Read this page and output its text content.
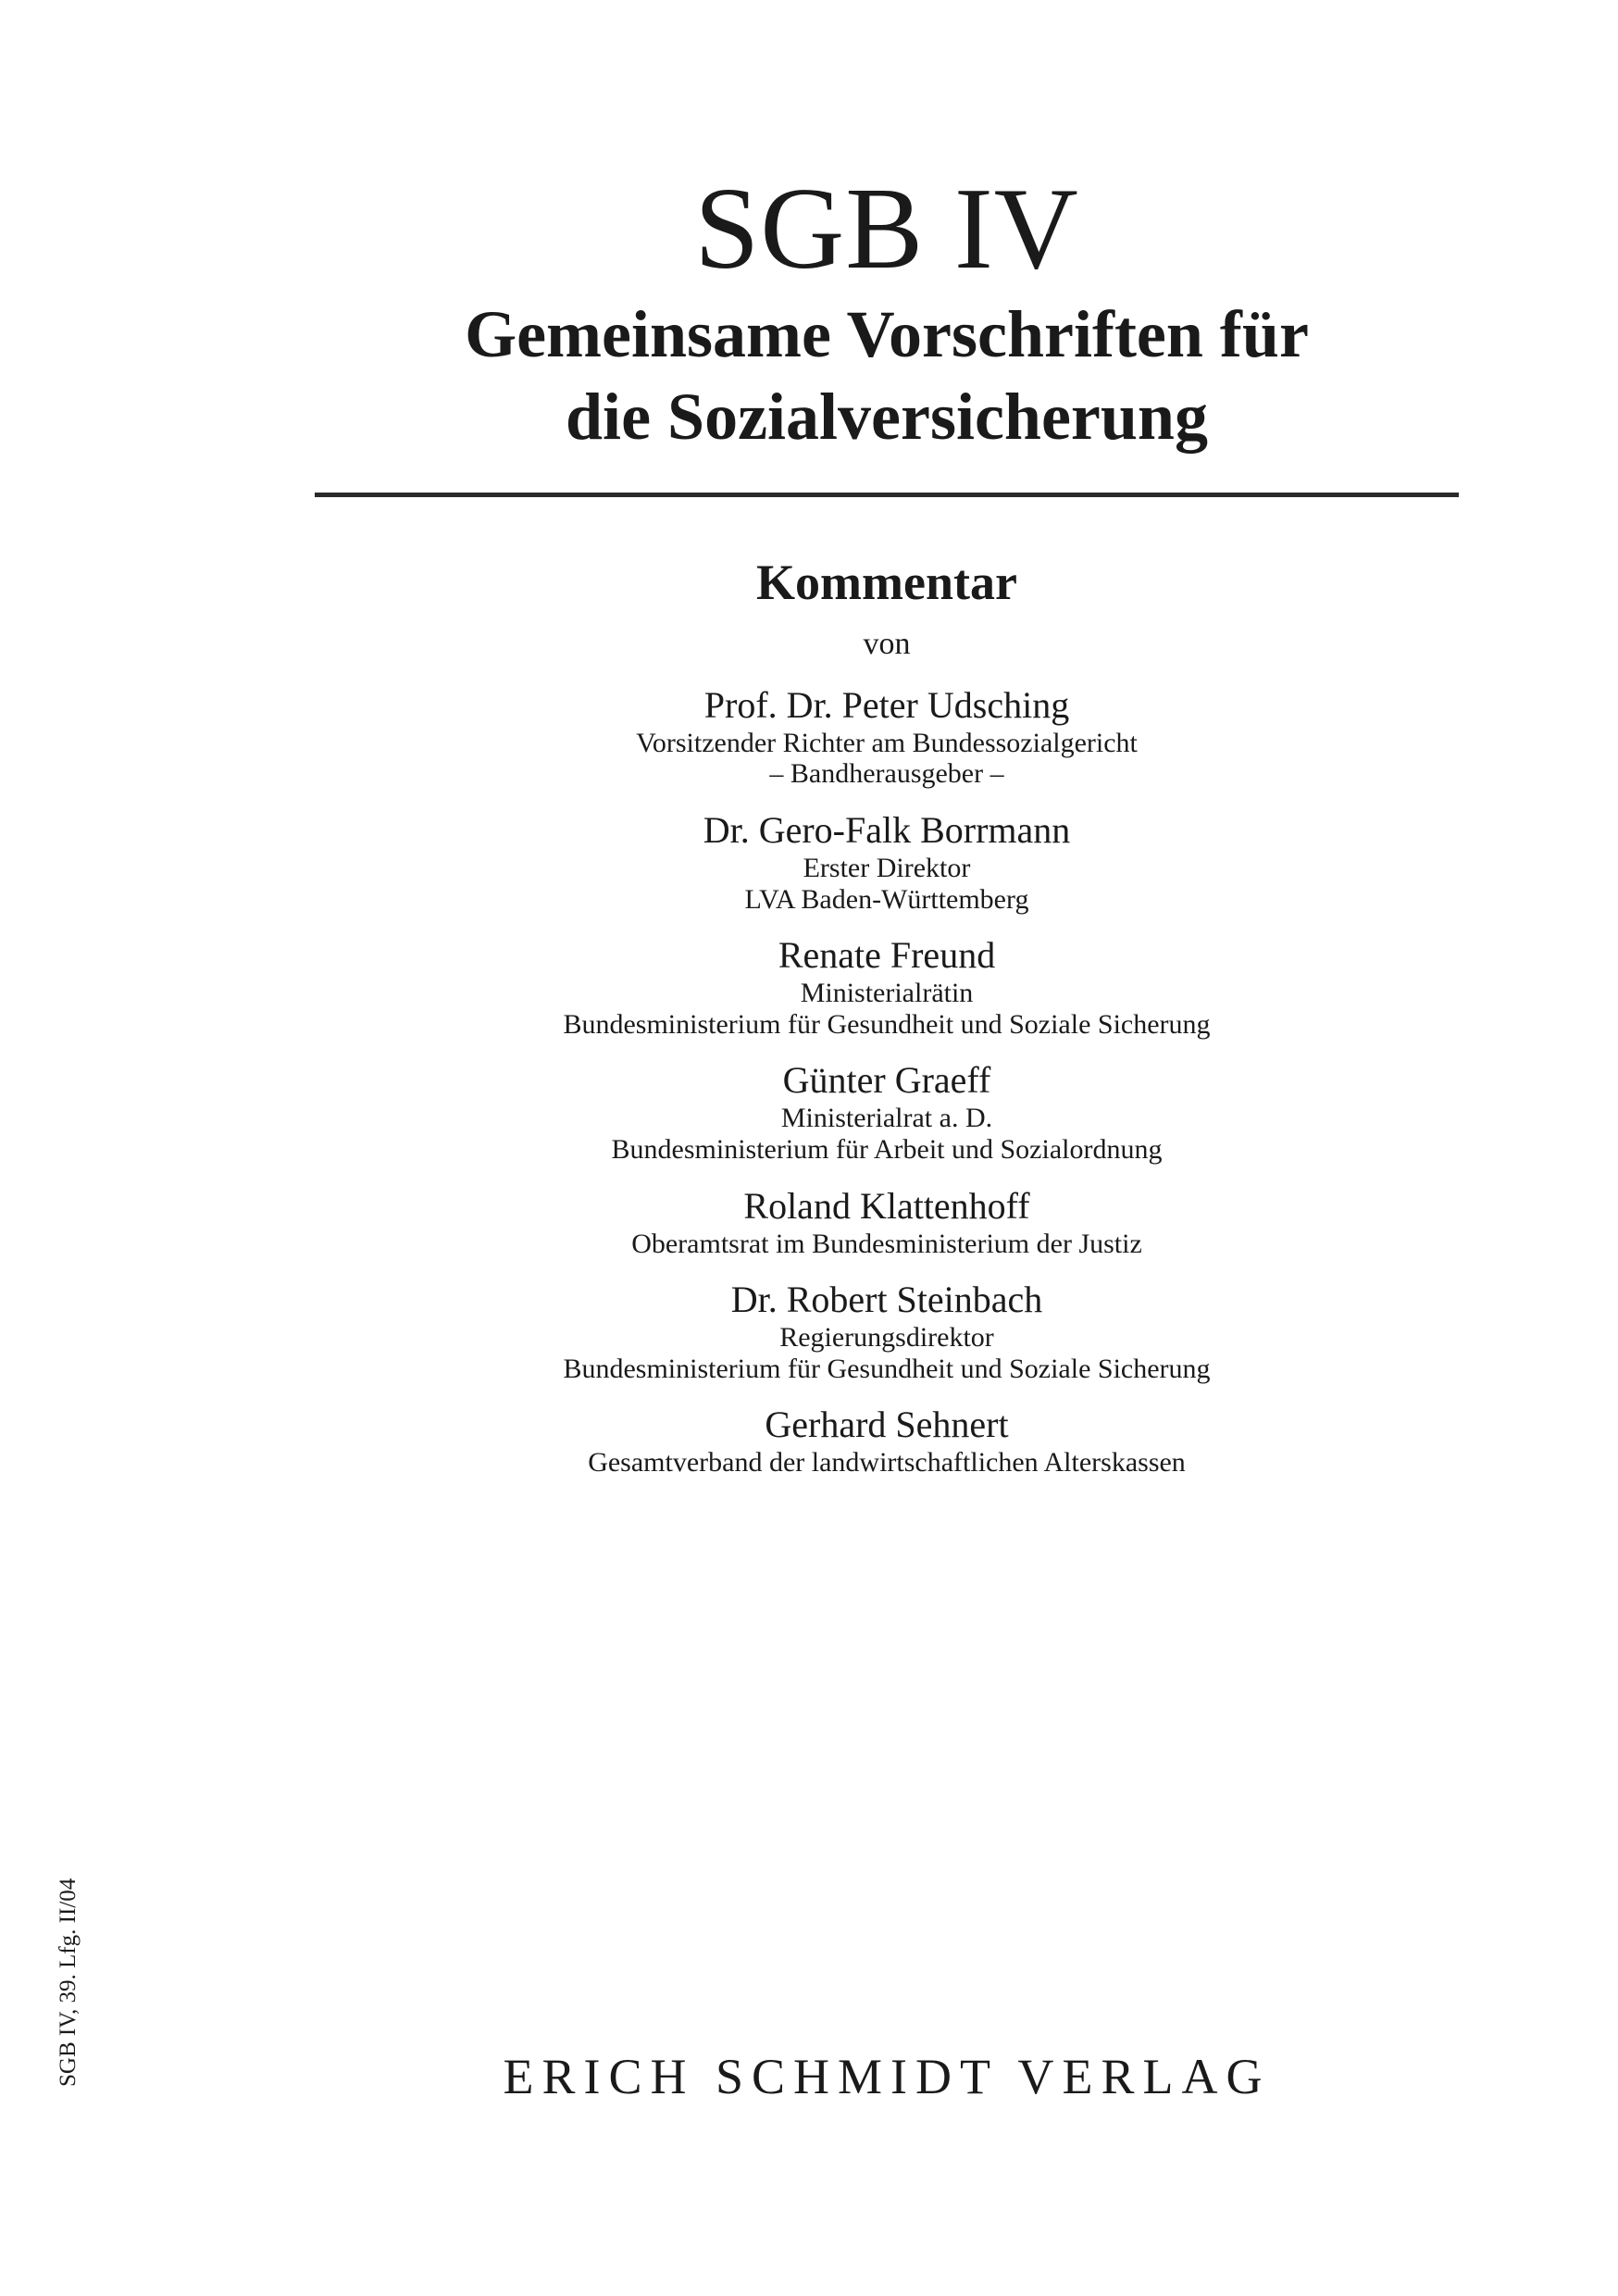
SGB IV
Gemeinsame Vorschriften für
die Sozialversicherung
Kommentar
von
Prof. Dr. Peter Udsching
Vorsitzender Richter am Bundessozialgericht
– Bandherausgeber –
Dr. Gero-Falk Borrmann
Erster Direktor
LVA Baden-Württemberg
Renate Freund
Ministerialrätin
Bundesministerium für Gesundheit und Soziale Sicherung
Günter Graeff
Ministerialrat a. D.
Bundesministerium für Arbeit und Sozialordnung
Roland Klattenhoff
Oberamtsrat im Bundesministerium der Justiz
Dr. Robert Steinbach
Regierungsdirektor
Bundesministerium für Gesundheit und Soziale Sicherung
Gerhard Sehnert
Gesamtverband der landwirtschaftlichen Alterskassen
ERICH SCHMIDT VERLAG
SGB IV, 39. Lfg. II/04
